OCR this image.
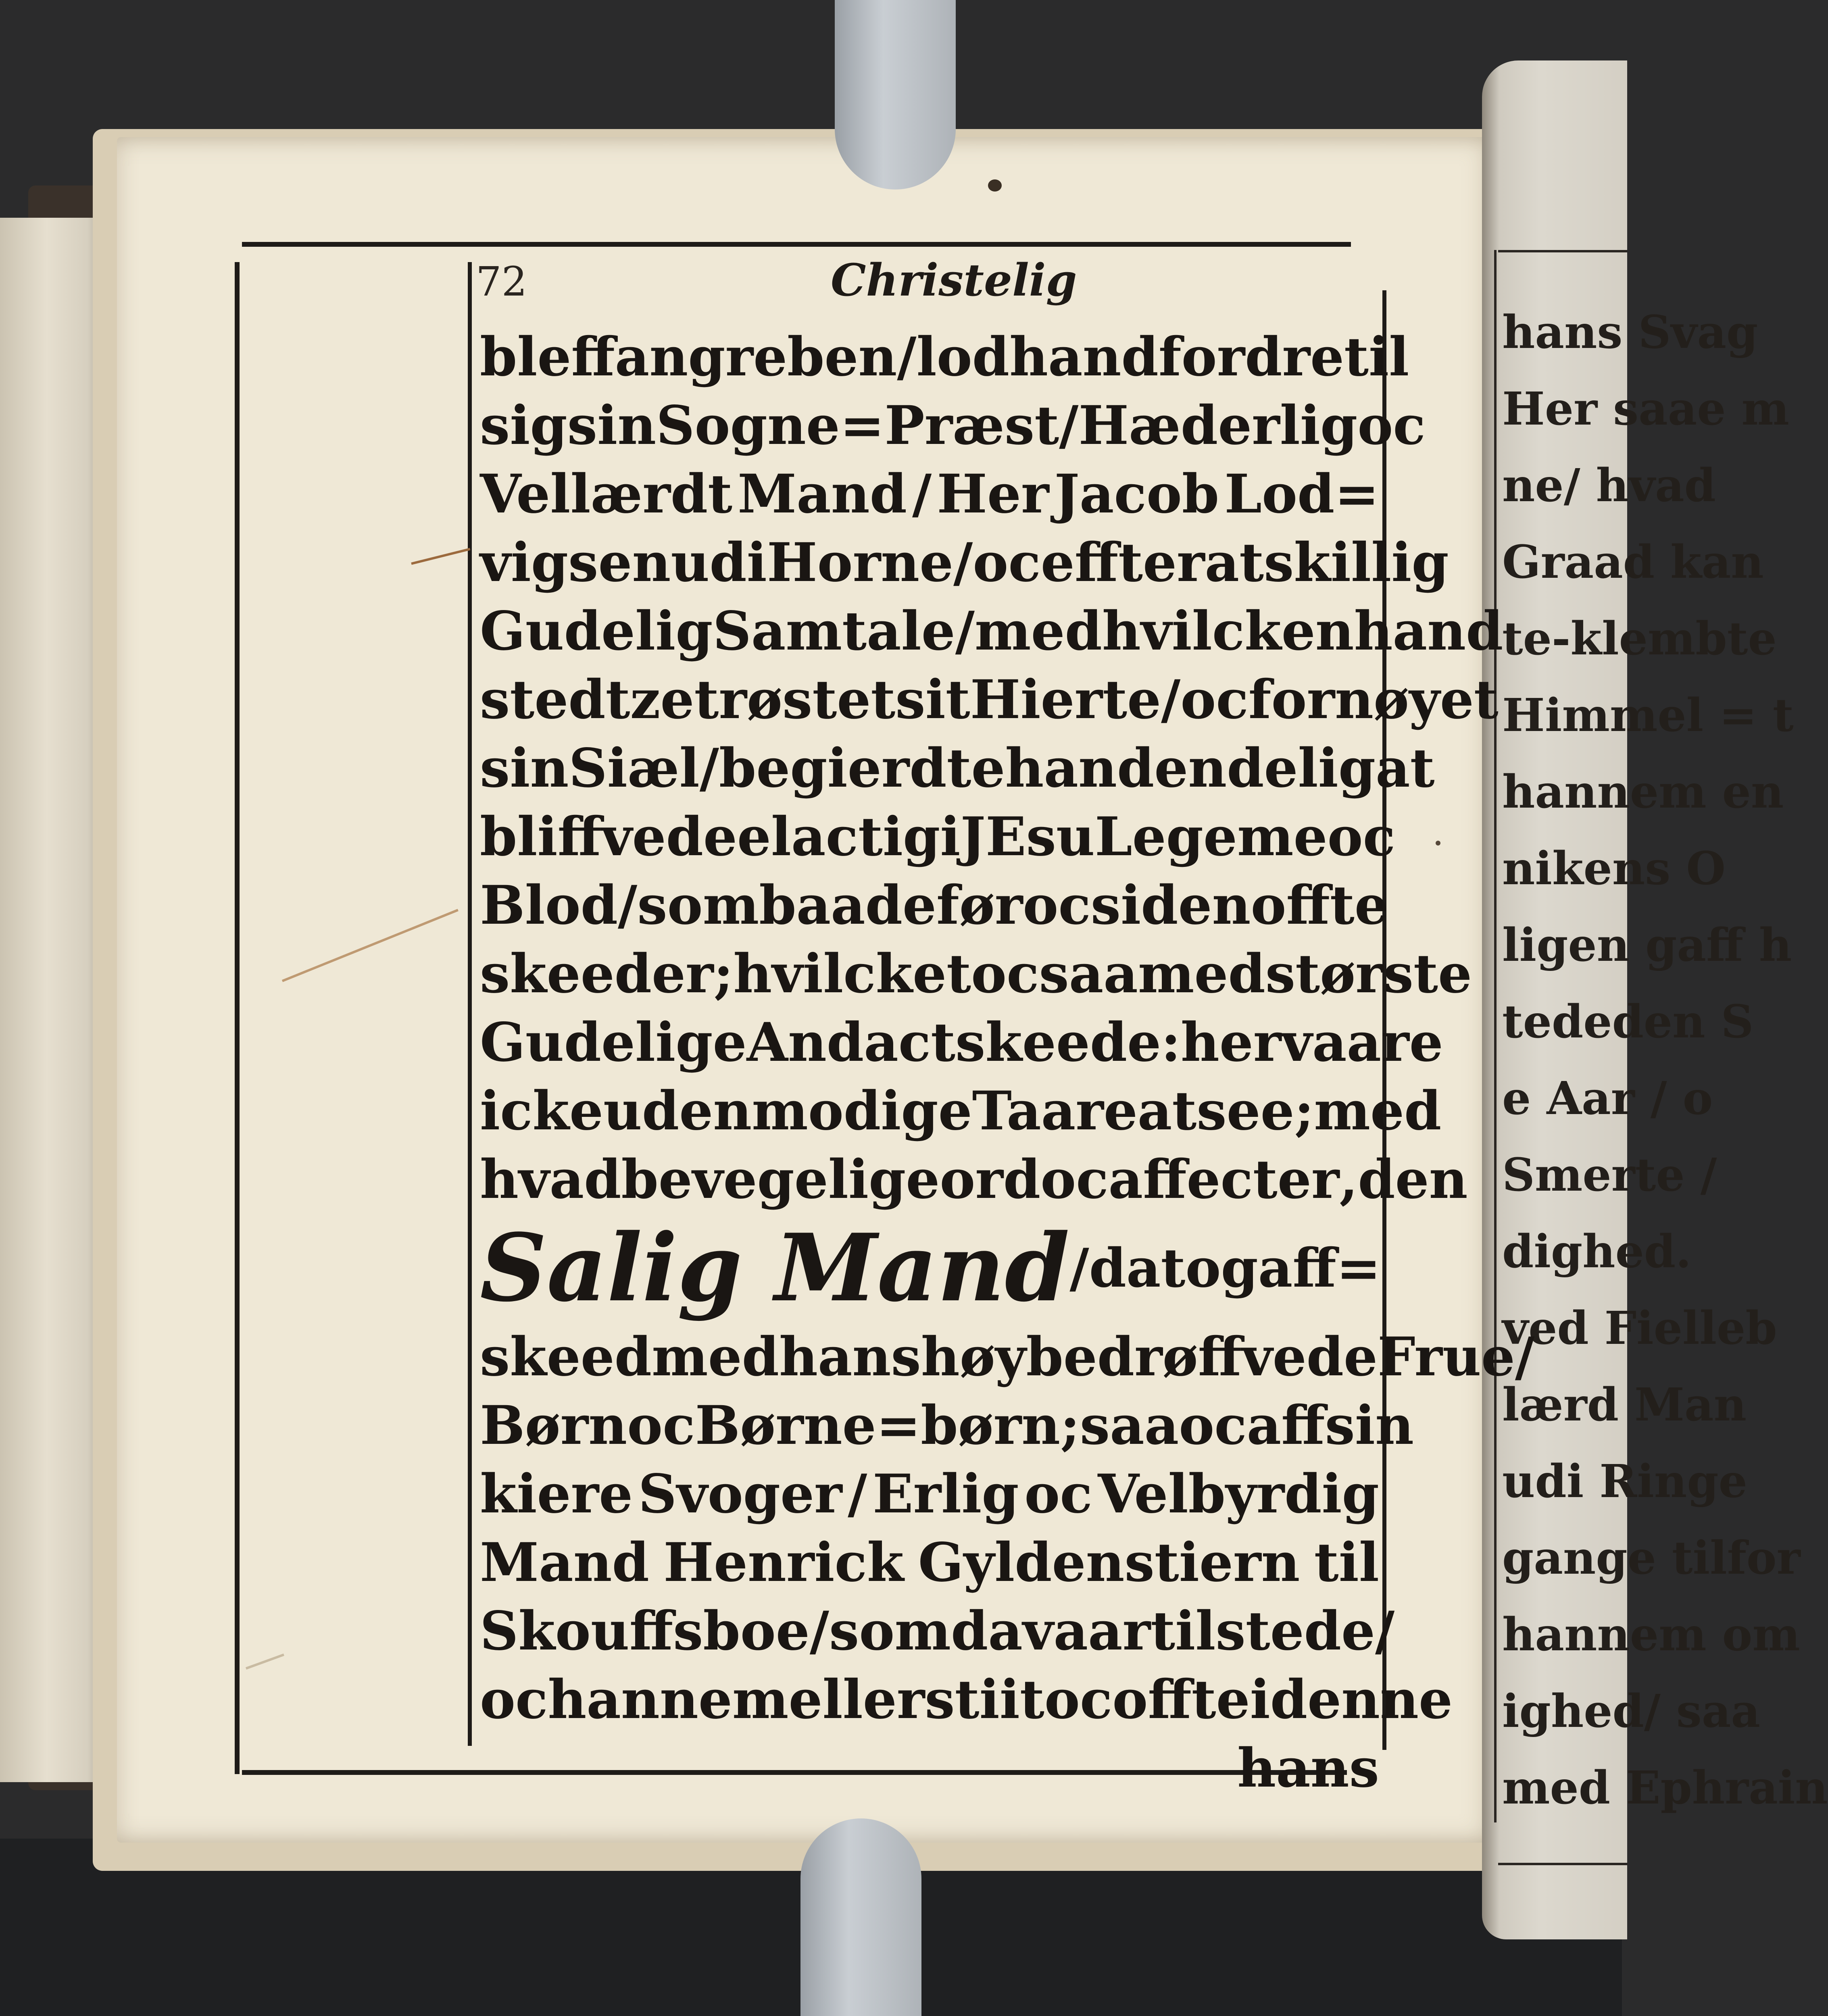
hans Svag
Her saae m
ne/ hvad
Graad kan
te-klembte
Himmel = t
hannem en
nikens O
ligen gaff h
tededen S
e Aar / o
Smerte /
dighed.
ved Fielleb
lærd Man
udi Ringe
gange tilfor
hannem om
ighed/ saa
med Ephrain
72	Christelig
bleff angreben / lod hand fordre til
sig sin Sogne=Præst / Hæderlig oc
Vellærdt Mand / Her Jacob Lod=
vigsen udi Horne/ oc effter atskillig
Gudelig Samtale/med hvilcken hand
stedtze trøstet sit Hierte / oc fornøyet
sin Siæl / begierdte hand endelig at
bliffve deelactig i JEsu Legeme oc
Blod / som baade før oc siden offte
skeed er ; hvilcket ocsaa med største
Gudelige Andact skeede : her vaare
icke uden modige Taare at see ; med
hvad bevegelige ord oc affecter , den
Salig Mand / da tog aff=
skeed med hans høybedrøffvede Frue/
Børn oc Børne=børn ; saa oc aff sin
kiere Svoger / Erlig oc Velbyrdig
Mand Henrick Gyldenstiern til
Skouffsboe/ som da vaar tilstede /
oc hannem ellers tiit oc offte i denne
hans
